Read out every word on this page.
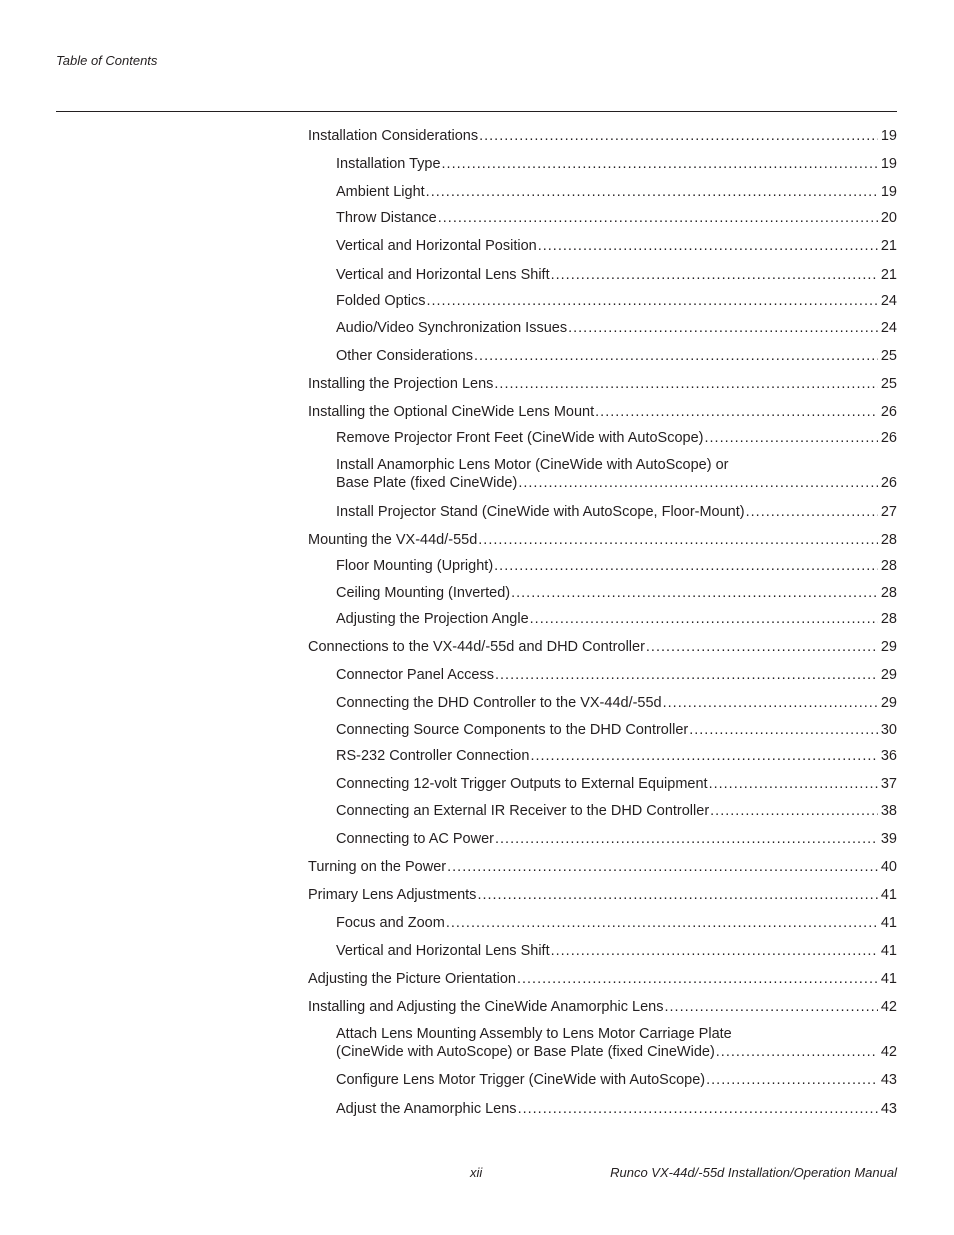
Table of Contents
Installation Considerations .....	19
Installation Type .....	19
Ambient Light .....	19
Throw Distance .....	20
Vertical and Horizontal Position .....	21
Vertical and Horizontal Lens Shift .....	21
Folded Optics .....	24
Audio/Video Synchronization Issues .....	24
Other Considerations .....	25
Installing the Projection Lens .....	25
Installing the Optional CineWide Lens Mount .....	26
Remove Projector Front Feet (CineWide with AutoScope) .....	26
Install Anamorphic Lens Motor (CineWide with AutoScope) or
Base Plate (fixed CineWide) .....	26
Install Projector Stand (CineWide with AutoScope, Floor-Mount) .....	27
Mounting the VX-44d/-55d .....	28
Floor Mounting (Upright) .....	28
Ceiling Mounting (Inverted) .....	28
Adjusting the Projection Angle .....	28
Connections to the VX-44d/-55d and DHD Controller .....	29
Connector Panel Access .....	29
Connecting the DHD Controller to the VX-44d/-55d .....	29
Connecting Source Components to the DHD Controller .....	30
RS-232 Controller Connection .....	36
Connecting 12-volt Trigger Outputs to External Equipment .....	37
Connecting an External IR Receiver to the DHD Controller .....	38
Connecting to AC Power .....	39
Turning on the Power .....	40
Primary Lens Adjustments .....	41
Focus and Zoom .....	41
Vertical and Horizontal Lens Shift .....	41
Adjusting the Picture Orientation .....	41
Installing and Adjusting the CineWide Anamorphic Lens .....	42
Attach Lens Mounting Assembly to Lens Motor Carriage Plate
(CineWide with AutoScope) or Base Plate (fixed CineWide) .....	42
Configure Lens Motor Trigger (CineWide with AutoScope) .....	43
Adjust the Anamorphic Lens .....	43
xii	Runco VX-44d/-55d Installation/Operation Manual
